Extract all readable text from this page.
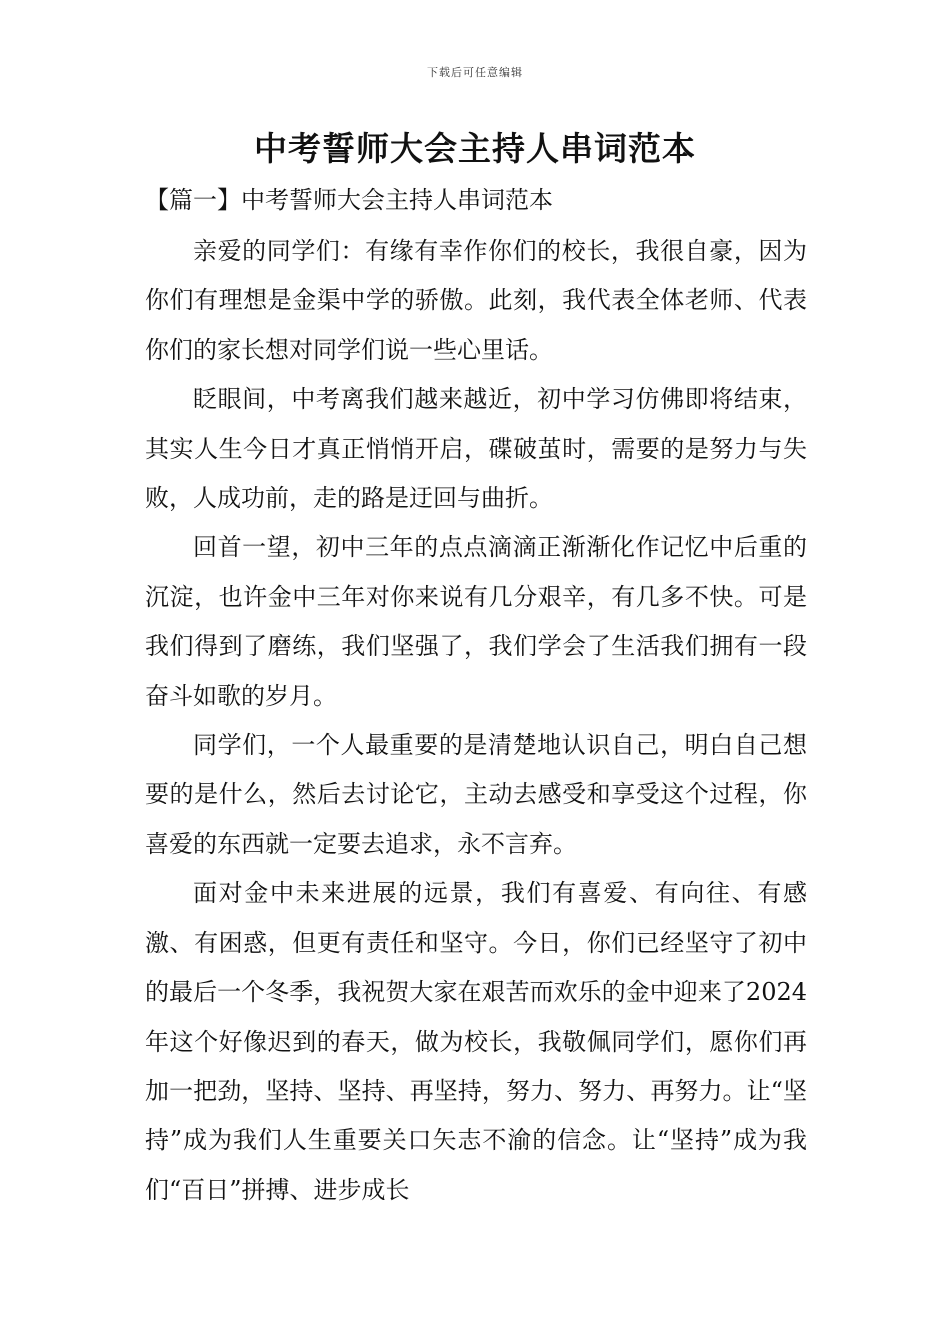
下载后可任意编辑
中考誓师大会主持人串词范本

【篇一】中考誓师大会主持人串词范本

亲爱的同学们：有缘有幸作你们的校长，我很自豪，因为你们有理想是金渠中学的骄傲。此刻，我代表全体老师、代表你们的家长想对同学们说一些心里话。

眨眼间，中考离我们越来越近，初中学习仿佛即将结束，其实人生今日才真正悄悄开启，碟破茧时，需要的是努力与失败，人成功前，走的路是迂回与曲折。

回首一望，初中三年的点点滴滴正渐渐化作记忆中后重的沉淀，也许金中三年对你来说有几分艰辛，有几多不快。可是我们得到了磨练，我们坚强了，我们学会了生活我们拥有一段奋斗如歌的岁月。

同学们，一个人最重要的是清楚地认识自己，明白自己想要的是什么，然后去讨论它，主动去感受和享受这个过程，你喜爱的东西就一定要去追求，永不言弃。

面对金中未来进展的远景，我们有喜爱、有向往、有感激、有困惑，但更有责任和坚守。今日，你们已经坚守了初中的最后一个冬季，我祝贺大家在艰苦而欢乐的金中迎来了2024年这个好像迟到的春天，做为校长，我敬佩同学们，愿你们再加一把劲，坚持、坚持、再坚持，努力、努力、再努力。让“坚持”成为我们人生重要关口矢志不渝的信念。让“坚持”成为我们“百日”拼搏、进步成长
